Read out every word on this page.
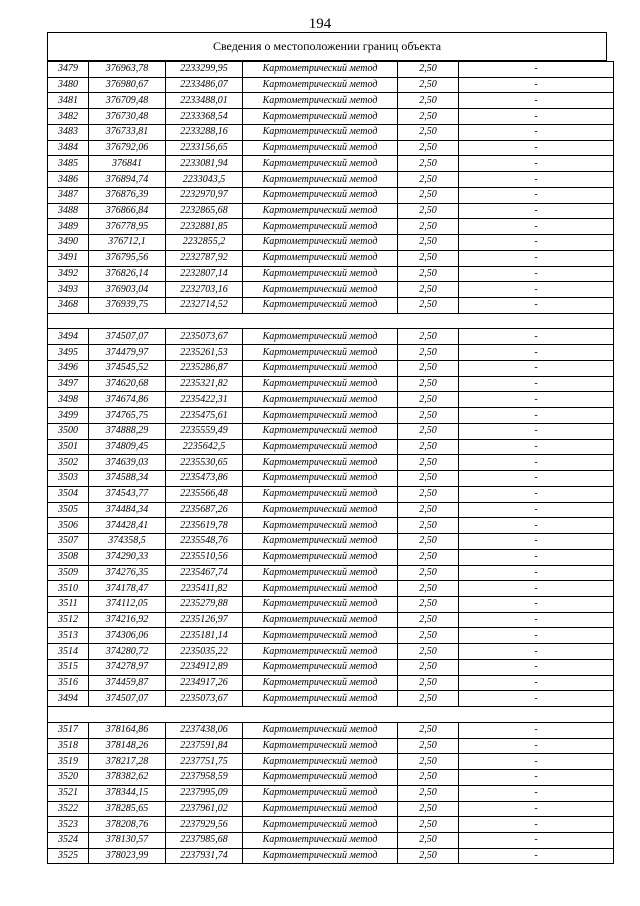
194
Сведения о местоположении границ объекта
3479	376963,78	2233299,95	Картометрический метод	2,50	-
3480	376980,67	2233486,07	Картометрический метод	2,50	-
3481	376709,48	2233488,01	Картометрический метод	2,50	-
3482	376730,48	2233368,54	Картометрический метод	2,50	-
3483	376733,81	2233288,16	Картометрический метод	2,50	-
3484	376792,06	2233156,65	Картометрический метод	2,50	-
3485	376841	2233081,94	Картометрический метод	2,50	-
3486	376894,74	2233043,5	Картометрический метод	2,50	-
3487	376876,39	2232970,97	Картометрический метод	2,50	-
3488	376866,84	2232865,68	Картометрический метод	2,50	-
3489	376778,95	2232881,85	Картометрический метод	2,50	-
3490	376712,1	2232855,2	Картометрический метод	2,50	-
3491	376795,56	2232787,92	Картометрический метод	2,50	-
3492	376826,14	2232807,14	Картометрический метод	2,50	-
3493	376903,04	2232703,16	Картометрический метод	2,50	-
3468	376939,75	2232714,52	Картометрический метод	2,50	-

3494	374507,07	2235073,67	Картометрический метод	2,50	-
3495	374479,97	2235261,53	Картометрический метод	2,50	-
3496	374545,52	2235286,87	Картометрический метод	2,50	-
3497	374620,68	2235321,82	Картометрический метод	2,50	-
3498	374674,86	2235422,31	Картометрический метод	2,50	-
3499	374765,75	2235475,61	Картометрический метод	2,50	-
3500	374888,29	2235559,49	Картометрический метод	2,50	-
3501	374809,45	2235642,5	Картометрический метод	2,50	-
3502	374639,03	2235530,65	Картометрический метод	2,50	-
3503	374588,34	2235473,86	Картометрический метод	2,50	-
3504	374543,77	2235566,48	Картометрический метод	2,50	-
3505	374484,34	2235687,26	Картометрический метод	2,50	-
3506	374428,41	2235619,78	Картометрический метод	2,50	-
3507	374358,5	2235548,76	Картометрический метод	2,50	-
3508	374290,33	2235510,56	Картометрический метод	2,50	-
3509	374276,35	2235467,74	Картометрический метод	2,50	-
3510	374178,47	2235411,82	Картометрический метод	2,50	-
3511	374112,05	2235279,88	Картометрический метод	2,50	-
3512	374216,92	2235126,97	Картометрический метод	2,50	-
3513	374306,06	2235181,14	Картометрический метод	2,50	-
3514	374280,72	2235035,22	Картометрический метод	2,50	-
3515	374278,97	2234912,89	Картометрический метод	2,50	-
3516	374459,87	2234917,26	Картометрический метод	2,50	-
3494	374507,07	2235073,67	Картометрический метод	2,50	-

3517	378164,86	2237438,06	Картометрический метод	2,50	-
3518	378148,26	2237591,84	Картометрический метод	2,50	-
3519	378217,28	2237751,75	Картометрический метод	2,50	-
3520	378382,62	2237958,59	Картометрический метод	2,50	-
3521	378344,15	2237995,09	Картометрический метод	2,50	-
3522	378285,65	2237961,02	Картометрический метод	2,50	-
3523	378208,76	2237929,56	Картометрический метод	2,50	-
3524	378130,57	2237985,68	Картометрический метод	2,50	-
3525	378023,99	2237931,74	Картометрический метод	2,50	-
